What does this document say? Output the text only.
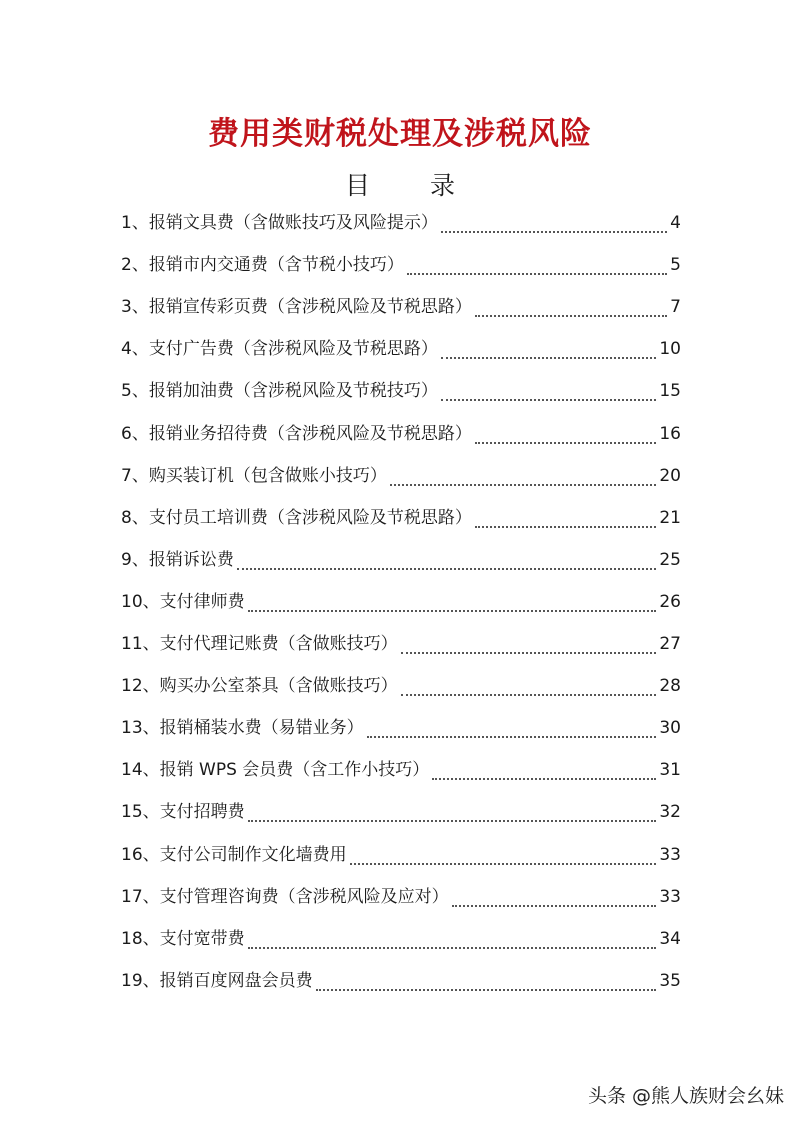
费用类财税处理及涉税风险
目 录
1、 报销文具费（含做账技巧及风险提示）	4
2、 报销市内交通费（含节税小技巧）	5
3、 报销宣传彩页费（含涉税风险及节税思路）	7
4、 支付广告费（含涉税风险及节税思路）	10
5、 报销加油费（含涉税风险及节税技巧）	15
6、 报销业务招待费（含涉税风险及节税思路）	16
7、 购买装订机（包含做账小技巧）	20
8、 支付员工培训费（含涉税风险及节税思路）	21
9、 报销诉讼费	25
10、 支付律师费	26
11、 支付代理记账费（含做账技巧）	27
12、 购买办公室茶具（含做账技巧）	28
13、 报销桶装水费（易错业务）	30
14、 报销 WPS 会员费（含工作小技巧）	31
15、 支付招聘费	32
16、 支付公司制作文化墙费用	33
17、 支付管理咨询费（含涉税风险及应对）	33
18、 支付宽带费	34
19、 报销百度网盘会员费	35
头条 @熊人族财会幺妹
